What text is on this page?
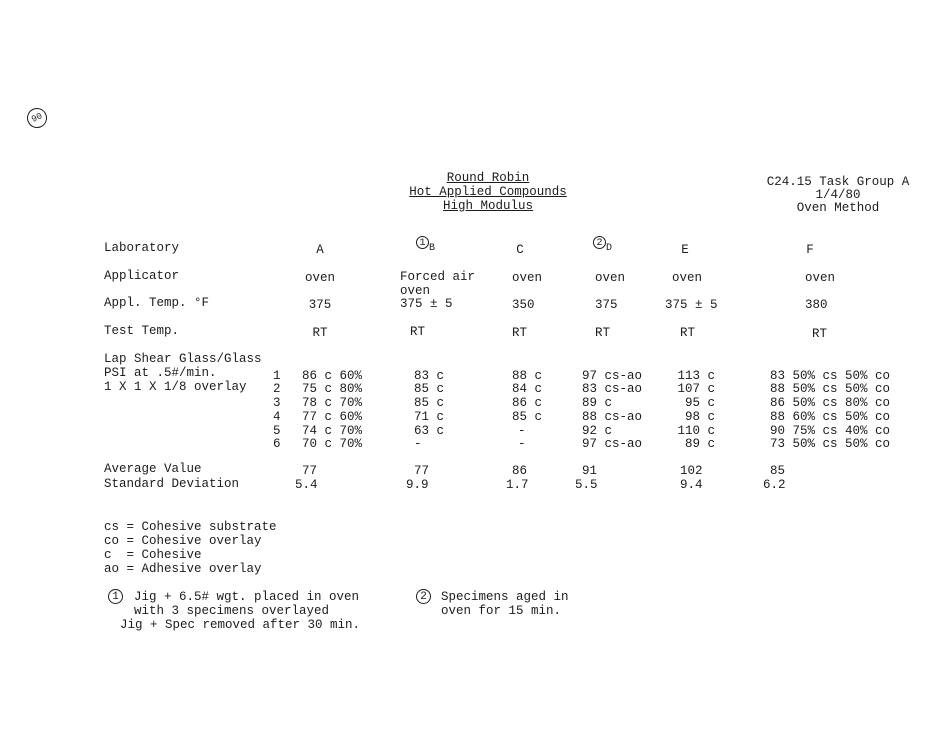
90
Round Robin
Hot Applied Compounds
High Modulus
C24.15 Task Group A
1/4/80
Oven Method
Laboratory
Applicator
Appl. Temp. °F
Test Temp.
Lap Shear Glass/Glass
PSI at .5#/min.
1 X 1 X 1/8 overlay
Average Value
Standard Deviation
1
2
3
4
5
6
A
oven
375
RT
86 c 60%
75 c 80%
78 c 70%
77 c 60%
74 c 70%
70 c 70%
77
5.4
1 $_B$
Forced air
oven
375 ± 5
RT
83 c
85 c
85 c
71 c
63 c
-
77
9.9
C
oven
350
RT
88 c
84 c
86 c
85 c
-
-
86
1.7
2 $_D$
oven
375
RT
97 cs-ao
83 cs-ao
89 c
88 cs-ao
92 c
97 cs-ao
91
5.5
E
oven
375 ± 5
RT
113 c
107 c
95 c
98 c
110 c
89 c
102
9.4
F
oven
380
RT
83 50% cs 50% co
88 50% cs 50% co
86 50% cs 80% co
88 60% cs 50% co
90 75% cs 40% co
73 50% cs 50% co
85
6.2
cs = Cohesive substrate
co = Cohesive overlay
c  = Cohesive
ao = Adhesive overlay
1	Jig + 6.5# wgt. placed in oven
with 3 specimens overlayed
Jig + Spec removed after 30 min.
2	Specimens aged in
oven for 15 min.
